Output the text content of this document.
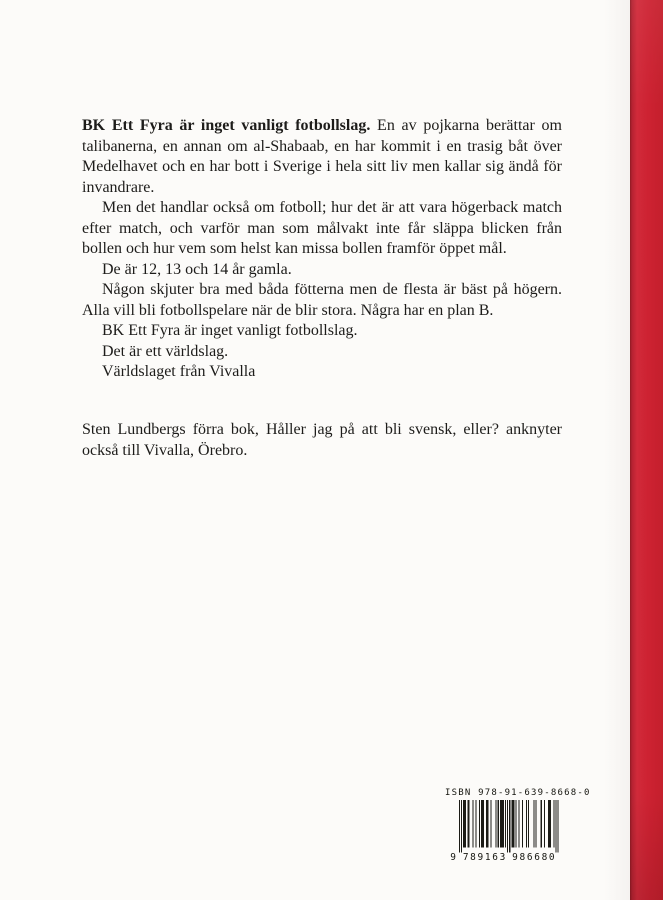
BK Ett Fyra är inget vanligt fotbollslag. En av pojkarna berättar om talibanerna, en annan om al-Shabaab, en har kommit i en trasig båt över Medelhavet och en har bott i Sverige i hela sitt liv men kallar sig ändå för invandrare.

Men det handlar också om fotboll; hur det är att vara högerback match efter match, och varför man som målvakt inte får släppa blicken från bollen och hur vem som helst kan missa bollen framför öppet mål.

De är 12, 13 och 14 år gamla.

Någon skjuter bra med båda fötterna men de flesta är bäst på högern. Alla vill bli fotbollspelare när de blir stora. Några har en plan B.

BK Ett Fyra är inget vanligt fotbollslag.

Det är ett världslag.

Världslaget från Vivalla

Sten Lundbergs förra bok, Håller jag på att bli svensk, eller? anknyter också till Vivalla, Örebro.

ISBN 978-91-639-8668-0
9 7 8 9 1 6 3 9 8 6 6 8 0
